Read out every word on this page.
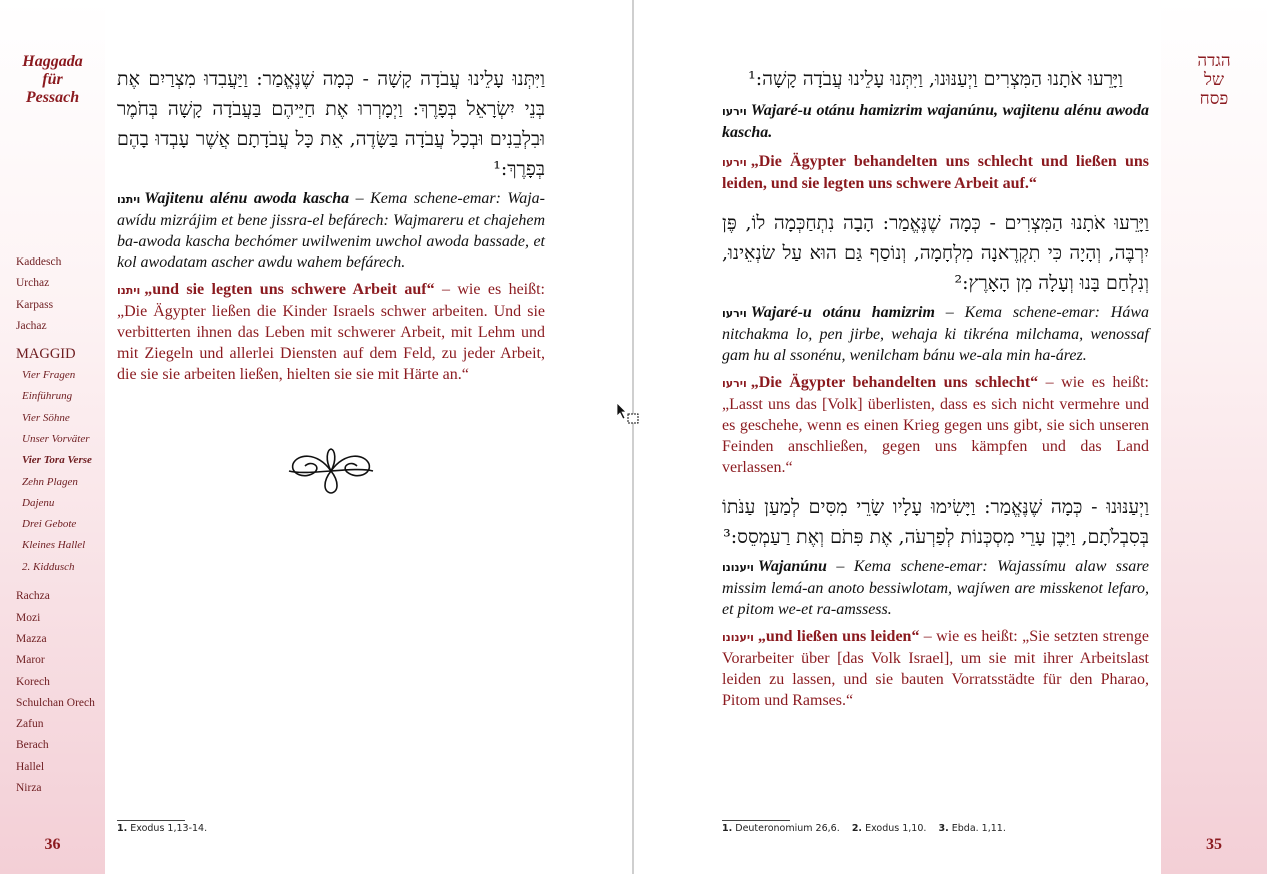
Haggada
für
Pessach
Kaddesch
Urchaz
Karpass
Jachaz
MAGGID
Vier Fragen
Einführung
Vier Söhne
Unser Vorväter
Vier Tora Verse
Zehn Plagen
Dajenu
Drei Gebote
Kleines Hallel
2. Kiddusch
Rachza
Mozi
Mazza
Maror
Korech
Schulchan Orech
Zafun
Berach
Hallel
Nirza
36
הגדה
של
פסח
35
וַיִּתְּנוּ עָלֵינוּ עֲבֹדָה קָשָׁה - כְּמָה שֶׁנֶּאֱמַר: וַיַּעֲבִדוּ מִצְרַיִם אֶת בְּנֵי יִשְׂרָאֵל בְּפָרֶךְ: וַיְמָרְרוּ אֶת חַיֵּיהֶם בַּעֲבֹדָה קָשָׁה בְּחֹמֶר וּבִלְבֵנִים וּבְכָל עֲבֹדָה בַּשָּׂדֶה, אֵת כָּל עֲבֹדָתָם אֲשֶׁר עָבְדוּ בָהֶם בְּפָרֶךְ:¹
ויתנו Wajitenu alénu awoda kascha – Kema schene-emar: Waja-awídu mizrájim et bene jissra-el befárech: Wajmareru et chajehem ba-awoda kascha bechómer uwilwenim uwchol awoda bassade, et kol awodatam ascher awdu wahem befárech.
ויתנו „und sie legten uns schwere Arbeit auf“ – wie es heißt: „Die Ägypter ließen die Kinder Israels schwer arbeiten. Und sie verbitterten ihnen das Leben mit schwerer Arbeit, mit Lehm und mit Ziegeln und allerlei Diensten auf dem Feld, zu jeder Arbeit, die sie sie arbeiten ließen, hielten sie sie mit Härte an.“
1. Exodus 1,13-14.
וַיָּרֵעוּ אֹתָנוּ הַמִּצְרִים וַיְעַנּוּנוּ, וַיִּתְּנוּ עָלֵינוּ עֲבֹדָה קָשָׁה:¹
וירעו Wajaré-u otánu hamizrim wajanúnu, wajitenu alénu awoda kascha.
וירעו „Die Ägypter behandelten uns schlecht und ließen uns leiden, und sie legten uns schwere Arbeit auf.“
וַיָּרֵעוּ אֹתָנוּ הַמִּצְרִים - כְּמָה שֶׁנֶּאֱמַר: הָבָה נִתְחַכְּמָה לוֹ, פֶּן יִרְבֶּה, וְהָיָה כִּי תִקְרֶאנָה מִלְחָמָה, וְנוֹסַף גַּם הוּא עַל שׂנְאֵינוּ, וְנִלְחַם בָּנוּ וְעָלָה מִן הָאָרֶץ:²
וירעו Wajaré-u otánu hamizrim – Kema schene-emar: Háwa nitchakma lo, pen jirbe, wehaja ki tikréna milchama, wenossaf gam hu al ssonénu, wenilcham bánu we-ala min ha-árez.
וירעו „Die Ägypter behandelten uns schlecht“ – wie es heißt: „Lasst uns das [Volk] überlisten, dass es sich nicht vermehre und es geschehe, wenn es einen Krieg gegen uns gibt, sie sich unseren Feinden anschließen, gegen uns kämpfen und das Land verlassen.“
וַיְעַנּוּנוּ - כְּמָה שֶׁנֶּאֱמַר: וַיָּשִׂימוּ עָלָיו שָׂרֵי מִסִּים לְמַעַן עַנֹּתוֹ בְּסִבְלֹתָם, וַיִּבֶן עָרֵי מִסְכְּנוֹת לְפַרְעֹה, אֶת פִּתֹם וְאֶת רַעַמְסֵס:³
ויענונו Wajanúnu – Kema schene-emar: Wajassímu alaw ssare missim lemá-an anoto bessiwlotam, wajíwen are misskenot lefaro, et pitom we-et ra-amssess.
ויענונו „und ließen uns leiden“ – wie es heißt: „Sie setzten strenge Vorarbeiter über [das Volk Israel], um sie mit ihrer Arbeitslast leiden zu lassen, und sie bauten Vorratsstädte für den Pharao, Pitom und Ramses.“
1. Deuteronomium 26,6. 2. Exodus 1,10. 3. Ebda. 1,11.
